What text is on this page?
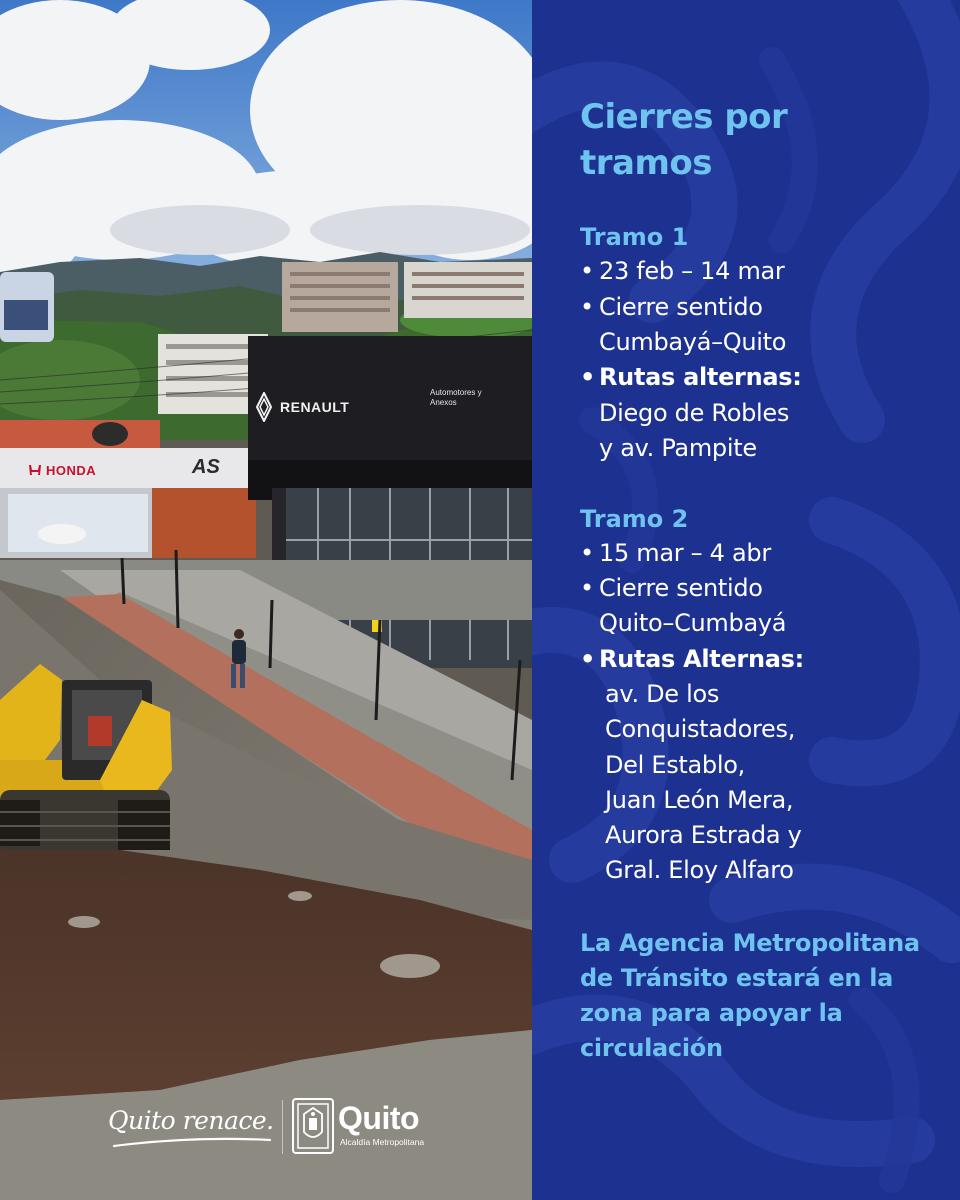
HONDA	AS
RENAULT
Automotores y Anexos
Quito renace. Quito
Alcaldía Metropolitana
Cierres por tramos
Tramo 1
• 23 feb – 14 mar
• Cierre sentido
Cumbayá–Quito
• Rutas alternas:
Diego de Robles
y av. Pampite
Tramo 2
• 15 mar – 4 abr
• Cierre sentido
Quito–Cumbayá
• Rutas Alternas:
av. De los
Conquistadores,
Del Establo,
Juan León Mera,
Aurora Estrada y
Gral. Eloy Alfaro
La Agencia Metropolitana de Tránsito estará en la zona para apoyar la circulación
